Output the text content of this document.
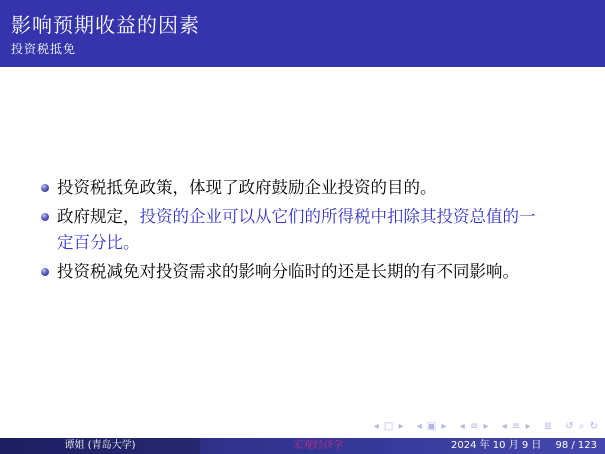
影响预期收益的因素
投资税抵免
投资税抵免政策，体现了政府鼓励企业投资的目的。
政府规定，投资的企业可以从它们的所得税中扣除其投资总值的一定百分比。
投资税减免对投资需求的影响分临时的还是长期的有不同影响。
◂ □ ▸ ◂ ▣ ▸ ◂ ≡ ▸ ◂ ≡ ▸ ≣ ↺ ⌕ ↻
谭姐 (青岛大学)	宏观经济学	2024 年 10 月 9 日 98 / 123
